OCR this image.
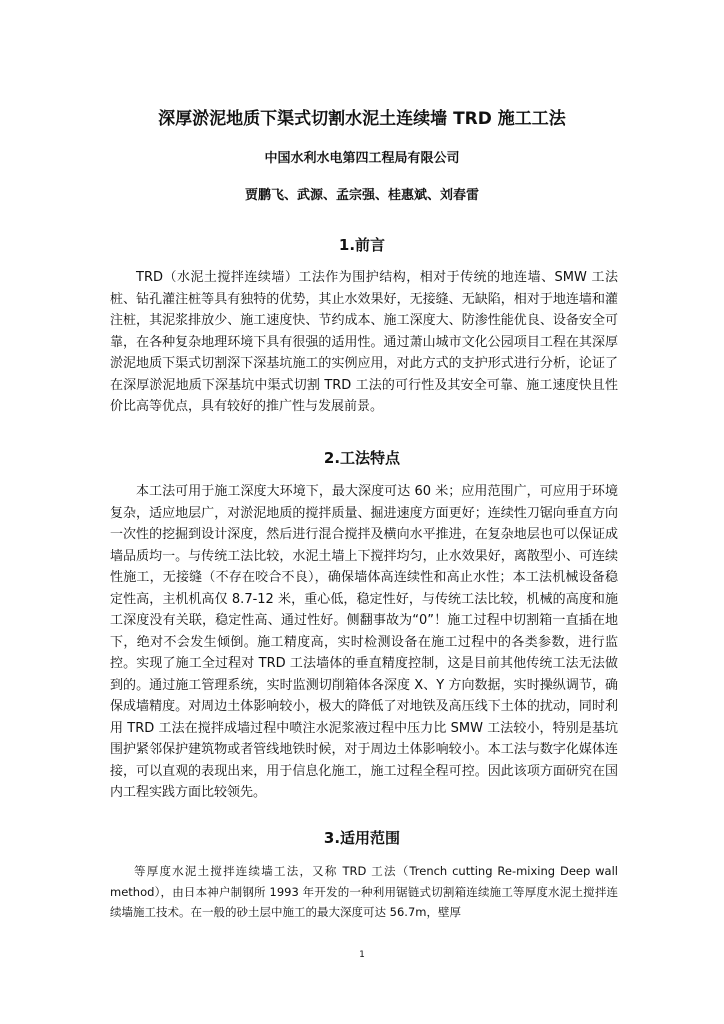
深厚淤泥地质下渠式切割水泥土连续墙 TRD 施工工法
中国水利水电第四工程局有限公司
贾鹏飞、武源、孟宗强、桂惠斌、刘春雷
1.前言

TRD（水泥土搅拌连续墙）工法作为围护结构，相对于传统的地连墙、SMW 工法桩、钻孔灌注桩等具有独特的优势，其止水效果好，无接缝、无缺陷，相对于地连墙和灌注桩，其泥浆排放少、施工速度快、节约成本、施工深度大、防渗性能优良、设备安全可靠，在各种复杂地理环境下具有很强的适用性。通过萧山城市文化公园项目工程在其深厚淤泥地质下渠式切割深下深基坑施工的实例应用，对此方式的支护形式进行分析，论证了在深厚淤泥地质下深基坑中渠式切割 TRD 工法的可行性及其安全可靠、施工速度快且性价比高等优点，具有较好的推广性与发展前景。

2.工法特点

本工法可用于施工深度大环境下，最大深度可达 60 米；应用范围广，可应用于环境复杂，适应地层广，对淤泥地质的搅拌质量、掘进速度方面更好；连续性刀锯向垂直方向一次性的挖掘到设计深度，然后进行混合搅拌及横向水平推进，在复杂地层也可以保证成墙品质均一。与传统工法比较，水泥土墙上下搅拌均匀，止水效果好，离散型小、可连续性施工，无接缝（不存在咬合不良），确保墙体高连续性和高止水性；本工法机械设备稳定性高，主机机高仅 8.7-12 米，重心低，稳定性好，与传统工法比较，机械的高度和施工深度没有关联，稳定性高、通过性好。侧翻事故为“0”！施工过程中切割箱一直插在地下，绝对不会发生倾倒。施工精度高，实时检测设备在施工过程中的各类参数，进行监控。实现了施工全过程对 TRD 工法墙体的垂直精度控制，这是目前其他传统工法无法做到的。通过施工管理系统，实时监测切削箱体各深度 X、Y 方向数据，实时操纵调节，确保成墙精度。对周边土体影响较小，极大的降低了对地铁及高压线下土体的扰动，同时利用 TRD 工法在搅拌成墙过程中喷注水泥浆液过程中压力比 SMW 工法较小，特别是基坑围护紧邻保护建筑物或者管线地铁时候，对于周边土体影响较小。本工法与数字化媒体连接，可以直观的表现出来，用于信息化施工，施工过程全程可控。因此该项方面研究在国内工程实践方面比较领先。

3.适用范围

等厚度水泥土搅拌连续墙工法，又称 TRD 工法（Trench cutting Re-mixing Deep wall method），由日本神户制钢所 1993 年开发的一种利用锯链式切割箱连续施工等厚度水泥土搅拌连续墙施工技术。在一般的砂土层中施工的最大深度可达 56.7m，壁厚

1
